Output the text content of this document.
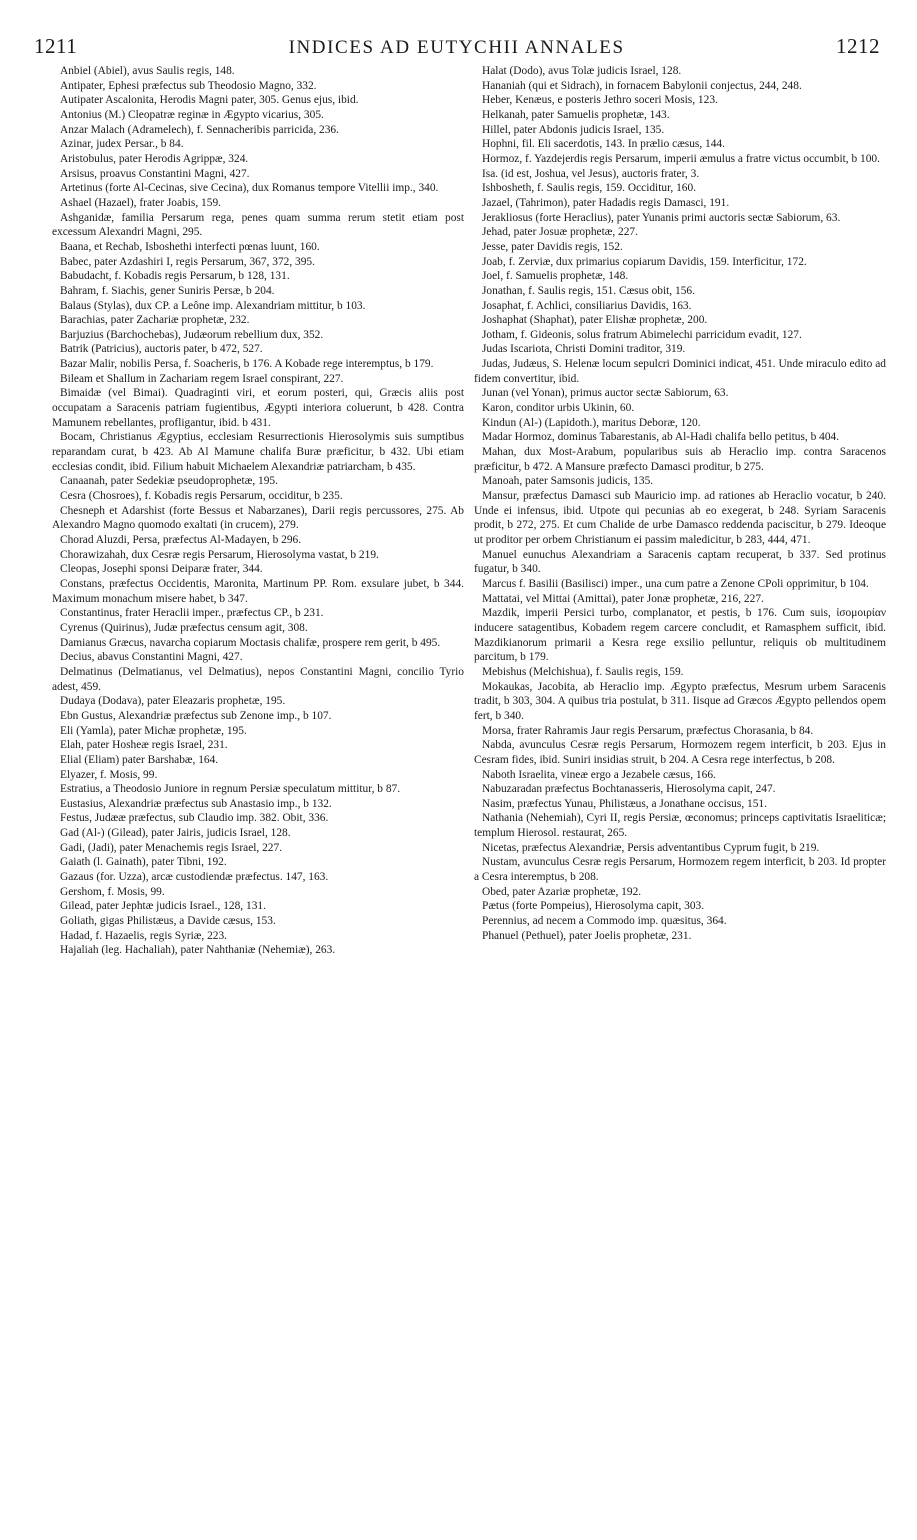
1211	INDICES AD EUTYCHII ANNALES	1212

Anbiel (Abiel), avus Saulis regis, 148.

Antipater, Ephesi præfectus sub Theodosio Magno, 332.

Autipater Ascalonita, Herodis Magni pater, 305. Genus ejus, ibid.

Antonius (M.) Cleopatræ reginæ in Ægypto vicarius, 305.

Anzar Malach (Adramelech), f. Sennacheribis parricida, 236.

Azinar, judex Persar., b 84.

Aristobulus, pater Herodis Agrippæ, 324.

Arsisus, proavus Constantini Magni, 427.

Artetinus (forte Al-Cecinas, sive Cecina), dux Romanus tempore Vitellii imp., 340.

Ashael (Hazael), frater Joabis, 159.

Ashganidæ, familia Persarum rega, penes quam summa rerum stetit etiam post excessum Alexandri Magni, 295.

Baana, et Rechab, Isboshethi interfecti pœnas luunt, 160.

Babec, pater Azdashiri I, regis Persarum, 367, 372, 395.

Babudacht, f. Kobadis regis Persarum, b 128, 131.

Bahram, f. Siachis, gener Suniris Persæ, b 204.

Balaus (Stylas), dux CP. a Leône imp. Alexandriam mittitur, b 103.

Barachias, pater Zachariæ prophetæ, 232.

Barjuzius (Barchochebas), Judæorum rebellium dux, 352.

Batrik (Patricius), auctoris pater, b 472, 527.

Bazar Malir, nobilis Persa, f. Soacheris, b 176. A Kobade rege interemptus, b 179.

Bileam et Shallum in Zachariam regem Israel conspirant, 227.

Bimaidæ (vel Bimai). Quadraginti viri, et eorum posteri, qui, Græcis aliis post occupatam a Saracenis patriam fugientibus, Ægypti interiora coluerunt, b 428. Contra Mamunem rebellantes, profligantur, ibid. b 431.

Bocam, Christianus Ægyptius, ecclesiam Resurrectionis Hierosolymis suis sumptibus reparandam curat, b 423. Ab Al Mamune chalifa Buræ præficitur, b 432. Ubi etiam ecclesias condit, ibid. Filium habuit Michaelem Alexandriæ patriarcham, b 435.

Canaanah, pater Sedekiæ pseudoprophetæ, 195.

Cesra (Chosroes), f. Kobadis regis Persarum, occiditur, b 235.

Chesneph et Adarshist (forte Bessus et Nabarzanes), Darii regis percussores, 275. Ab Alexandro Magno quomodo exaltati (in crucem), 279.

Chorad Aluzdi, Persa, præfectus Al-Madayen, b 296.

Chorawizahah, dux Cesræ regis Persarum, Hierosolyma vastat, b 219.

Cleopas, Josephi sponsi Deiparæ frater, 344.

Constans, præfectus Occidentis, Maronita, Martinum PP. Rom. exsulare jubet, b 344. Maximum monachum misere habet, b 347.

Constantinus, frater Heraclii imper., præfectus CP., b 231.

Cyrenus (Quirinus), Judæ præfectus censum agit, 308.

Damianus Græcus, navarcha copiarum Moctasis chalifæ, prospere rem gerit, b 495.

Decius, abavus Constantini Magni, 427.

Delmatinus (Delmatianus, vel Delmatius), nepos Constantini Magni, concilio Tyrio adest, 459.

Dudaya (Dodava), pater Eleazaris prophetæ, 195.

Ebn Gustus, Alexandriæ præfectus sub Zenone imp., b 107.

Eli (Yamla), pater Michæ prophetæ, 195.

Elah, pater Hosheæ regis Israel, 231.

Elial (Eliam) pater Barshabæ, 164.

Elyazer, f. Mosis, 99.

Estratius, a Theodosio Juniore in regnum Persiæ speculatum mittitur, b 87.

Eustasius, Alexandriæ præfectus sub Anastasio imp., b 132.

Festus, Judææ præfectus, sub Claudio imp. 382. Obit, 336.

Gad (Al-) (Gilead), pater Jairis, judicis Israel, 128.

Gadi, (Jadi), pater Menachemis regis Israel, 227.

Gaiath (l. Gainath), pater Tibni, 192.

Gazaus (for. Uzza), arcæ custodiendæ præfectus. 147, 163.

Gershom, f. Mosis, 99.

Gilead, pater Jephtæ judicis Israel., 128, 131.

Goliath, gigas Philistæus, a Davide cæsus, 153.

Hadad, f. Hazaelis, regis Syriæ, 223.

Hajaliah (leg. Hachaliah), pater Nahthaniæ (Nehemiæ), 263.

Halat (Dodo), avus Tolæ judicis Israel, 128.

Hananiah (qui et Sidrach), in fornacem Babylonii conjectus, 244, 248.

Heber, Kenæus, e posteris Jethro soceri Mosis, 123.

Helkanah, pater Samuelis prophetæ, 143.

Hillel, pater Abdonis judicis Israel, 135.

Hophni, fil. Eli sacerdotis, 143. In prælio cæsus, 144.

Hormoz, f. Yazdejerdis regis Persarum, imperii æmulus a fratre victus occumbit, b 100.

Isa. (id est, Joshua, vel Jesus), auctoris frater, 3.

Ishbosheth, f. Saulis regis, 159. Occiditur, 160.

Jazael, (Tahrimon), pater Hadadis regis Damasci, 191.

Jerakliosus (forte Heraclius), pater Yunanis primi auctoris sectæ Sabiorum, 63.

Jehad, pater Josuæ prophetæ, 227.

Jesse, pater Davidis regis, 152.

Joab, f. Zerviæ, dux primarius copiarum Davidis, 159. Interficitur, 172.

Joel, f. Samuelis prophetæ, 148.

Jonathan, f. Saulis regis, 151. Cæsus obit, 156.

Josaphat, f. Achlici, consiliarius Davidis, 163.

Joshaphat (Shaphat), pater Elishæ prophetæ, 200.

Jotham, f. Gideonis, solus fratrum Abimelechi parricidum evadit, 127.

Judas Iscariota, Christi Domini traditor, 319.

Judas, Judæus, S. Helenæ locum sepulcri Dominici indicat, 451. Unde miraculo edito ad fidem convertitur, ibid.

Junan (vel Yonan), primus auctor sectæ Sabiorum, 63.

Karon, conditor urbis Ukinin, 60.

Kindun (Al-) (Lapidoth.), maritus Deboræ, 120.

Madar Hormoz, dominus Tabarestanis, ab Al-Hadi chalifa bello petitus, b 404.

Mahan, dux Most-Arabum, popularibus suis ab Heraclio imp. contra Saracenos præficitur, b 472. A Mansure præfecto Damasci proditur, b 275.

Manoah, pater Samsonis judicis, 135.

Mansur, præfectus Damasci sub Mauricio imp. ad rationes ab Heraclio vocatur, b 240. Unde ei infensus, ibid. Utpote qui pecunias ab eo exegerat, b 248. Syriam Saracenis prodit, b 272, 275. Et cum Chalide de urbe Damasco reddenda paciscitur, b 279. Ideoque ut proditor per orbem Christianum ei passim maledicitur, b 283, 444, 471.

Manuel eunuchus Alexandriam a Saracenis captam recuperat, b 337. Sed protinus fugatur, b 340.

Marcus f. Basilii (Basilisci) imper., una cum patre a Zenone CPoli opprimitur, b 104.

Mattatai, vel Mittai (Amittai), pater Jonæ prophetæ, 216, 227.

Mazdik, imperii Persici turbo, complanator, et pestis, b 176. Cum suis, ἰσομοιρίαν inducere satagentibus, Kobadem regem carcere concludit, et Ramasphem sufficit, ibid. Mazdikianorum primarii a Kesra rege exsilio pelluntur, reliquis ob multitudinem parcitum, b 179.

Mebishus (Melchishua), f. Saulis regis, 159.

Mokaukas, Jacobita, ab Heraclio imp. Ægypto præfectus, Mesrum urbem Saracenis tradit, b 303, 304. A quibus tria postulat, b 311. Iisque ad Græcos Ægypto pellendos opem fert, b 340.

Morsa, frater Rahramis Jaur regis Persarum, præfectus Chorasania, b 84.

Nabda, avunculus Cesræ regis Persarum, Hormozem regem interficit, b 203. Ejus in Cesram fides, ibid. Suniri insidias struit, b 204. A Cesra rege interfectus, b 208.

Naboth Israelita, vineæ ergo a Jezabele cæsus, 166.

Nabuzaradan præfectus Bochtanasseris, Hierosolyma capit, 247.

Nasim, præfectus Yunau, Philistæus, a Jonathane occisus, 151.

Nathania (Nehemiah), Cyri II, regis Persiæ, œconomus; princeps captivitatis Israeliticæ; templum Hierosol. restaurat, 265.

Nicetas, præfectus Alexandriæ, Persis adventantibus Cyprum fugit, b 219.

Nustam, avunculus Cesræ regis Persarum, Hormozem regem interficit, b 203. Id propter a Cesra interemptus, b 208.

Obed, pater Azariæ prophetæ, 192.

Pætus (forte Pompeius), Hierosolyma capit, 303.

Perennius, ad necem a Commodo imp. quæsitus, 364.

Phanuel (Pethuel), pater Joelis prophetæ, 231.
